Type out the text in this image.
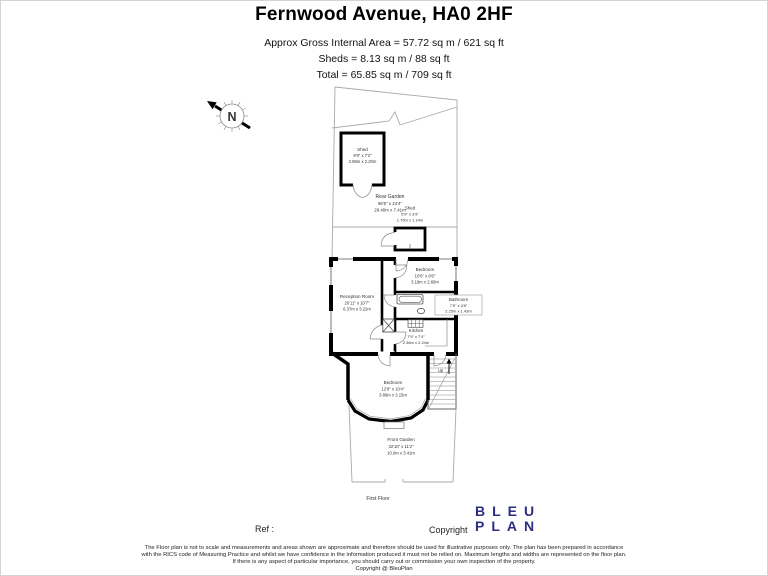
Fernwood Avenue, HA0 2HF
Approx Gross Internal Area = 57.72 sq m / 621 sq ft
Sheds = 8.13 sq m / 88 sq ft
Total = 65.85 sq m / 709 sq ft
N
Shed
9'9" x 7'2"
2.98m x 2.20m
Rear Garden
96'5" x 24'4"
29.40m x 7.41m Shed
5'9" x 3'9"
1.75m x 1.14m
Up
Reception Room
20'11" x 10'7"
6.37m x 3.22m
Bedroom
10'6" x 8'6"
3.19m x 2.60m
Bathroom
7'5" x 4'8"
2.25m x 1.43m
Kitchen
7'9" x 7'4"
2.36m x 2.24m
Bedroom
12'8" x 10'4"
3.86m x 3.15m
Front Garden
32'10" x 11'2"
10.0m x 3.41m
First Floor
Ref :	Copyright
BLEU
PLAN
The Floor plan is not to scale and measurements and areas shown are approximate and therefore should be used for illustrative purposes only. The plan has been prepared in accordance
with the RICS code of Measuring Practice and whilst we have confidence in the information produced it must not be relied on. Maximum lengths and widths are represented on the floor plan.
If there is any aspect of particular importance, you should carry out or commission your own inspection of the property.
Copyright @ BleuPlan
